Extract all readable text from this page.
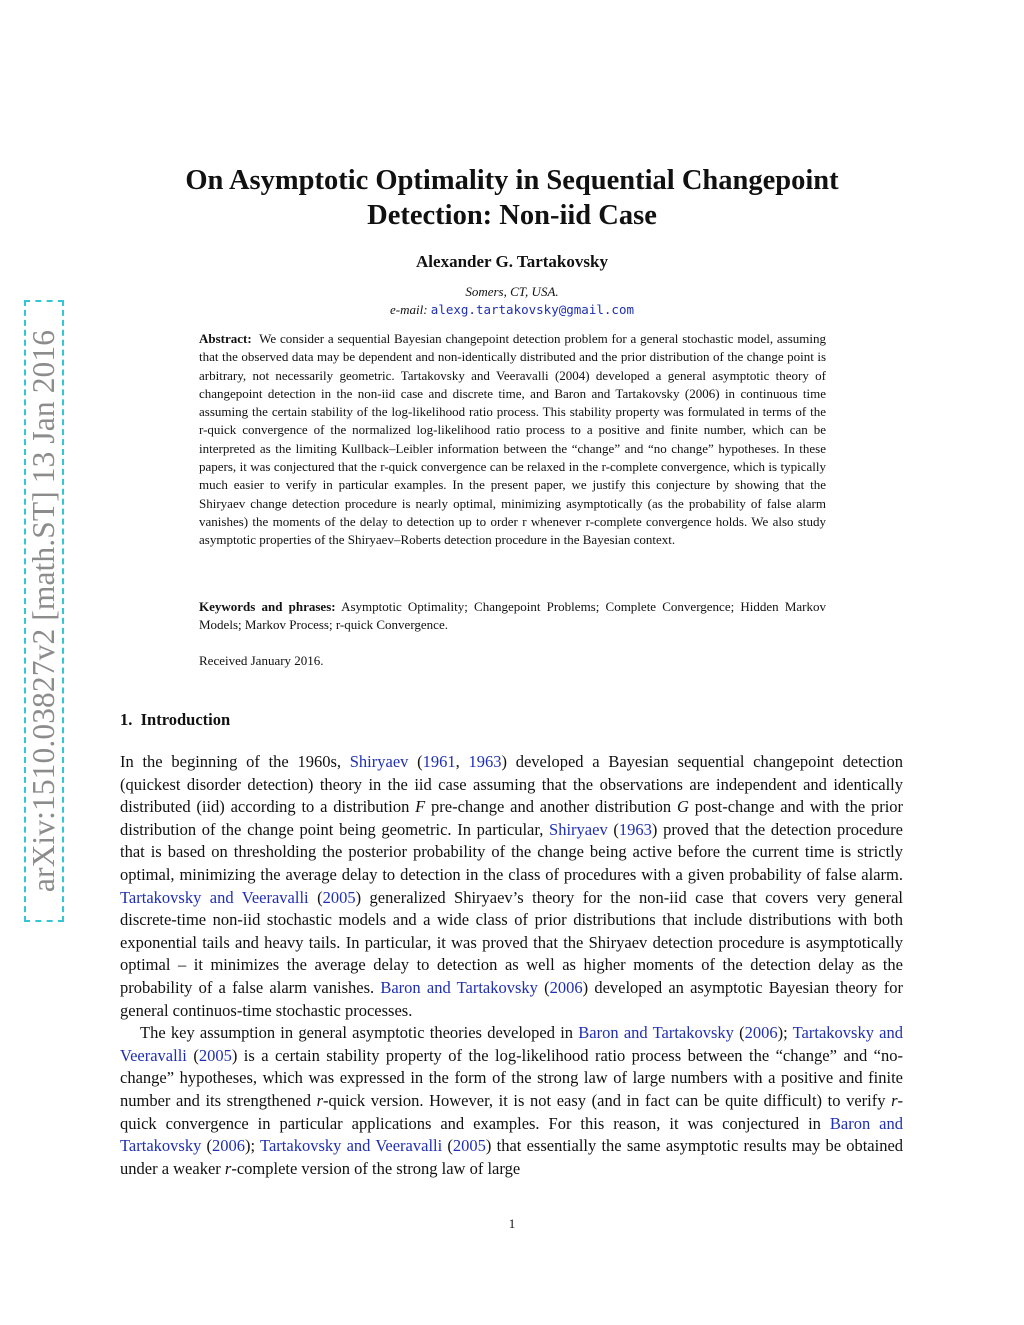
arXiv:1510.03827v2 [math.ST] 13 Jan 2016
On Asymptotic Optimality in Sequential Changepoint Detection: Non-iid Case
Alexander G. Tartakovsky
Somers, CT, USA.
e-mail: alexg.tartakovsky@gmail.com

Abstract: We consider a sequential Bayesian changepoint detection problem for a general stochastic model, assuming that the observed data may be dependent and non-identically distributed and the prior distribution of the change point is arbitrary, not necessarily geometric. Tartakovsky and Veeravalli (2004) developed a general asymptotic theory of changepoint detection in the non-iid case and discrete time, and Baron and Tartakovsky (2006) in continuous time assuming the certain stability of the log-likelihood ratio process. This stability property was formulated in terms of the r-quick convergence of the normalized log-likelihood ratio process to a positive and finite number, which can be interpreted as the limiting Kullback–Leibler information between the “change” and “no change” hypotheses. In these papers, it was conjectured that the r-quick convergence can be relaxed in the r-complete convergence, which is typically much easier to verify in particular examples. In the present paper, we justify this conjecture by showing that the Shiryaev change detection procedure is nearly optimal, minimizing asymptotically (as the probability of false alarm vanishes) the moments of the delay to detection up to order r whenever r-complete convergence holds. We also study asymptotic properties of the Shiryaev–Roberts detection procedure in the Bayesian context.

Keywords and phrases: Asymptotic Optimality; Changepoint Problems; Complete Convergence; Hidden Markov Models; Markov Process; r-quick Convergence.

Received January 2016.

1. Introduction

In the beginning of the 1960s, Shiryaev (1961, 1963) developed a Bayesian sequential changepoint detection (quickest disorder detection) theory in the iid case assuming that the observations are independent and identically distributed (iid) according to a distribution F pre-change and another distribution G post-change and with the prior distribution of the change point being geometric. In particular, Shiryaev (1963) proved that the detection procedure that is based on thresholding the posterior probability of the change being active before the current time is strictly optimal, minimizing the average delay to detection in the class of procedures with a given probability of false alarm. Tartakovsky and Veeravalli (2005) generalized Shiryaev’s theory for the non-iid case that covers very general discrete-time non-iid stochastic models and a wide class of prior distributions that include distributions with both exponential tails and heavy tails. In particular, it was proved that the Shiryaev detection procedure is asymptotically optimal – it minimizes the average delay to detection as well as higher moments of the detection delay as the probability of a false alarm vanishes. Baron and Tartakovsky (2006) developed an asymptotic Bayesian theory for general continuos-time stochastic processes.

The key assumption in general asymptotic theories developed in Baron and Tartakovsky (2006); Tartakovsky and Veeravalli (2005) is a certain stability property of the log-likelihood ratio process between the “change” and “no-change” hypotheses, which was expressed in the form of the strong law of large numbers with a positive and finite number and its strengthened r-quick version. However, it is not easy (and in fact can be quite difficult) to verify r-quick convergence in particular applications and examples. For this reason, it was conjectured in Baron and Tartakovsky (2006); Tartakovsky and Veeravalli (2005) that essentially the same asymptotic results may be obtained under a weaker r-complete version of the strong law of large

1
